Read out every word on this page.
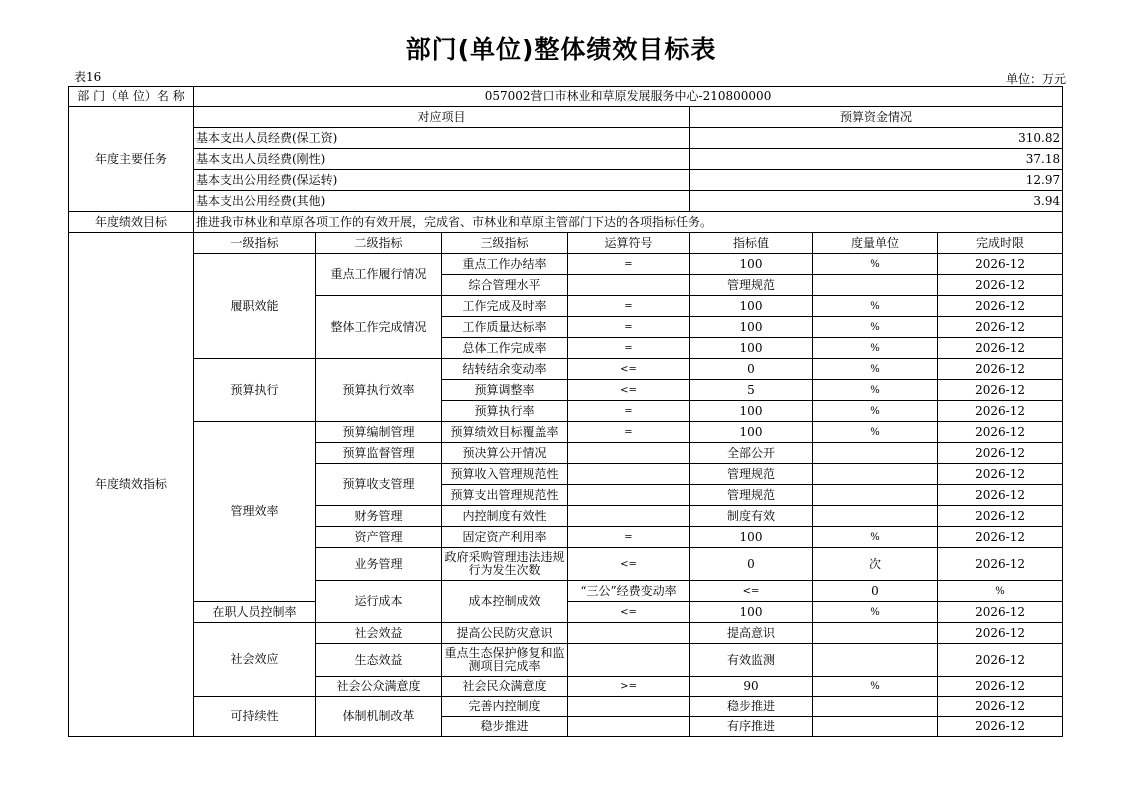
部门(单位)整体绩效目标表
表16	单位：万元
部 门（单 位）名 称	057002营口市林业和草原发展服务中心-210800000							
年度主要任务	对应项目				预算资金情况			
	基本支出人员经费(保工资)				310.82			
	基本支出人员经费(刚性)				37.18			
	基本支出公用经费(保运转)				12.97			
	基本支出公用经费(其他)				3.94			
年度绩效目标	推进我市林业和草原各项工作的有效开展，完成省、市林业和草原主管部门下达的各项指标任务。							
年度绩效指标	一级指标	二级指标	三级指标	运算符号	指标值	度量单位	完成时限	
	履职效能	重点工作履行情况	重点工作办结率	=	100	%	2026-12	
			综合管理水平		管理规范		2026-12	
		整体工作完成情况	工作完成及时率	=	100	%	2026-12	
			工作质量达标率	=	100	%	2026-12	
			总体工作完成率	=	100	%	2026-12	
	预算执行	预算执行效率	结转结余变动率	<=	0	%	2026-12	
			预算调整率	<=	5	%	2026-12	
			预算执行率	=	100	%	2026-12	
	管理效率	预算编制管理	预算绩效目标覆盖率	=	100	%	2026-12	
		预算监督管理	预决算公开情况		全部公开		2026-12	
		预算收支管理	预算收入管理规范性		管理规范		2026-12	
			预算支出管理规范性		管理规范		2026-12	
		财务管理	内控制度有效性		制度有效		2026-12	
		资产管理	固定资产利用率	=	100	%	2026-12	
		业务管理	政府采购管理违法违规行为发生次数	<=	0	次	2026-12	
		运行成本	成本控制成效	“三公”经费变动率	<=	0	%	
	在职人员控制率			<=	100	%	2026-12	
	社会效应	社会效益	提高公民防灾意识		提高意识		2026-12	
		生态效益	重点生态保护修复和监测项目完成率		有效监测		2026-12	
		社会公众满意度	社会民众满意度	>=	90	%	2026-12	
	可持续性	体制机制改革	完善内控制度		稳步推进		2026-12	
			稳步推进		有序推进		2026-12	
